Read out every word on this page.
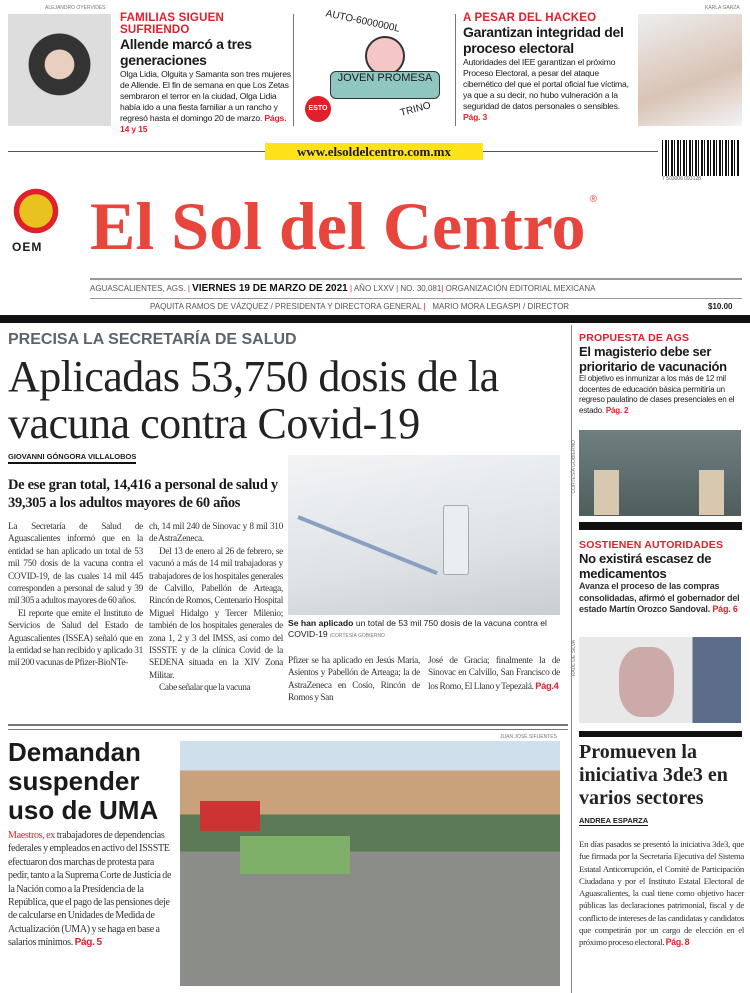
ALEJANDRO OYERVIDES
FAMILIAS SIGUEN SUFRIENDO
Allende marcó a tres generaciones
Olga Lidia, Olguita y Samanta son tres mujeres de Allende. El fin de semana en que Los Zetas sembraron el terror en la ciudad, Olga Lidia había ido a una fiesta familiar a un rancho y regresó hasta el domingo 20 de marzo. Págs. 14 y 15
AUTO-6000000L
JOVEN PROMESA
TRINO
ESTO
A PESAR DEL HACKEO
Garantizan integridad del proceso electoral
Autoridades del IEE garantizan el próximo Proceso Electoral, a pesar del ataque cibernético del que el portal oficial fue víctima, ya que a su decir, no hubo vulneración a la seguridad de datos personales o sensibles. Pág. 3
KARLA GARZA
www.elsoldelcentro.com.mx
7 503006 093128
OEM El Sol del Centro ®
AGUASCALIENTES, AGS. | VIERNES 19 DE MARZO DE 2021 | AÑO LXXV | NO. 30,081| ORGANIZACIÓN EDITORIAL MEXICANA
PAQUITA RAMOS DE VÁZQUEZ / PRESIDENTA Y DIRECTORA GENERAL | MARIO MORA LEGASPI / DIRECTOR	$10.00
PRECISA LA SECRETARÍA DE SALUD
Aplicadas 53,750 dosis de la vacuna contra Covid-19
GIOVANNI GÓNGORA VILLALOBOS
De ese gran total, 14,416 a personal de salud y 39,305 a los adultos mayores de 60 años

La Secretaría de Salud de Aguascalientes informó que en la entidad se han aplicado un total de 53 mil 750 dosis de la vacuna contra el COVID-19, de las cuales 14 mil 445 corresponden a personal de salud y 39 mil 305 a adultos mayores de 60 años.

El reporte que emite el Instituto de Servicios de Salud del Estado de Aguascalientes (ISSEA) señaló que en la entidad se han recibido y aplicado 31 mil 200 vacunas de Pfizer-BioNTe-

ch, 14 mil 240 de Sinovac y 8 mil 310 de AstraZeneca.

Del 13 de enero al 26 de febrero, se vacunó a más de 14 mil trabajadoras y trabajadores de los hospitales generales de Calvillo, Pabellón de Arteaga, Rincón de Romos, Centenario Hospital Miguel Hidalgo y Tercer Milenio; también de los hospitales generales de zona 1, 2 y 3 del IMSS, así como del ISSSTE y de la clínica Covid de la SEDENA situada en la XIV Zona Militar.

Cabe señalar que la vacuna

Se han aplicado un total de 53 mil 750 dosis de la vacuna contra el COVID-19 /CORTESÍA GOBIERNO

Pfizer se ha aplicado en Jesús María, Asientos y Pabellón de Arteaga; la de AstraZeneca en Cosío, Rincón de Romos y San

José de Gracia; finalmente la de Sinovac en Calvillo, San Francisco de los Romo, El Llano y Tepezalá. Pág.4

Demandan suspender uso de UMA
Maestros, ex trabajadores de dependencias federales y empleados en activo del ISSSTE efectuaron dos marchas de protesta para pedir, tanto a la Suprema Corte de Justicia de la Nación como a la Presidencia de la República, que el pago de las pensiones deje de calcularse en Unidades de Medida de Actualización (UMA) y se haga en base a salarios mínimos. Pág. 5
JUAN JOSÉ SIFUENTES
PROPUESTA DE AGS
El magisterio debe ser prioritario de vacunación
El objetivo es inmunizar a los más de 12 mil docentes de educación básica permitiría un regreso paulatino de clases presenciales en el estado. Pág. 2
CORTESÍA GOBIERNO
SOSTIENEN AUTORIDADES
No existirá escasez de medicamentos
Avanza el proceso de las compras consolidadas, afirmó el gobernador del estado Martín Orozco Sandoval. Pág. 6
RAÚL DE SILVA
Promueven la iniciativa 3de3 en varios sectores
ANDREA ESPARZA
En días pasados se presentó la iniciativa 3de3, que fue firmada por la Secretaría Ejecutiva del Sistema Estatal Anticorrupción, el Comité de Participación Ciudadana y por el Instituto Estatal Electoral de Aguascalientes, la cual tiene como objetivo hacer públicas las declaraciones patrimonial, fiscal y de conflicto de intereses de las candidatas y candidatos que competirán por un cargo de elección en el próximo proceso electoral. Pág. 8
